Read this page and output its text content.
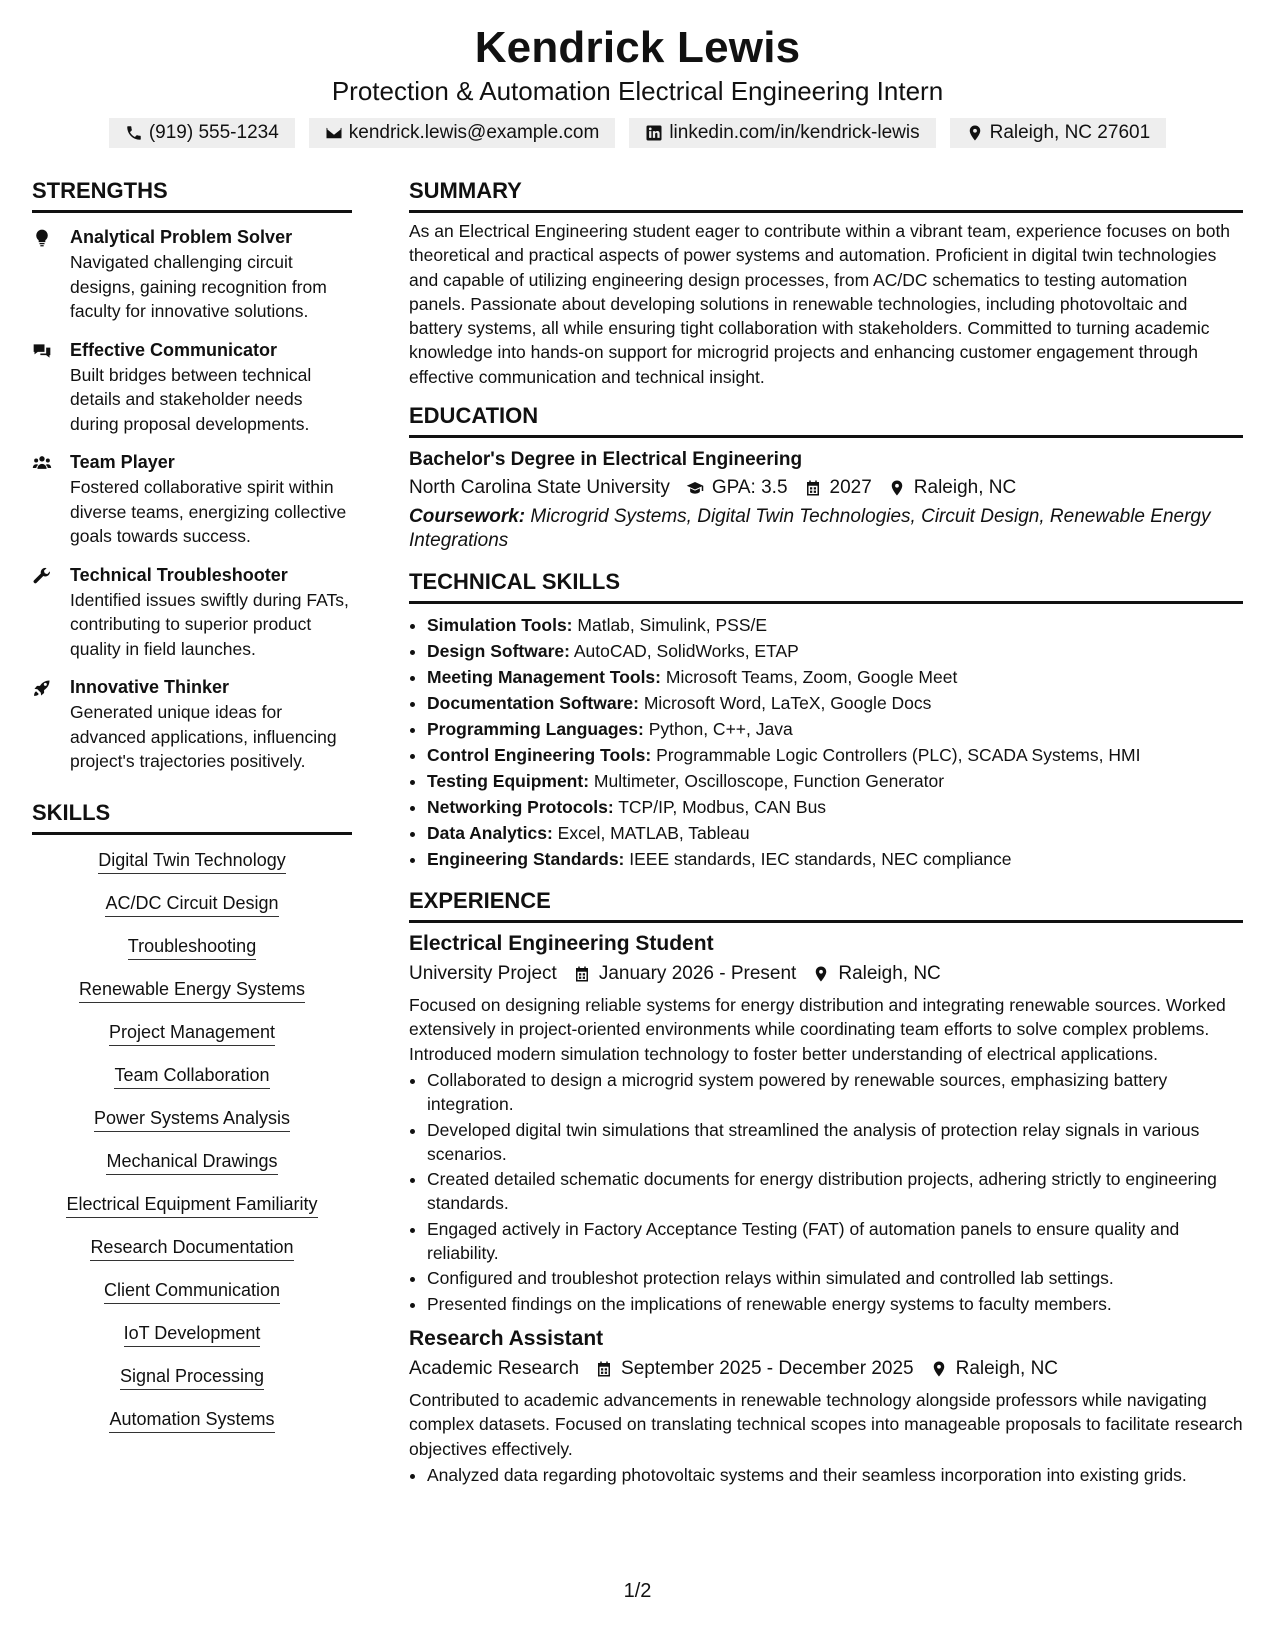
Kendrick Lewis

Protection & Automation Electrical Engineering Intern

(919) 555-1234	kendrick.lewis@example.com	linkedin.com/in/kendrick-lewis	Raleigh, NC 27601
STRENGTHS
Analytical Problem Solver
Navigated challenging circuit designs, gaining recognition from faculty for innovative solutions.
Effective Communicator
Built bridges between technical details and stakeholder needs during proposal developments.
Team Player
Fostered collaborative spirit within diverse teams, energizing collective goals towards success.
Technical Troubleshooter
Identified issues swiftly during FATs, contributing to superior product quality in field launches.
Innovative Thinker
Generated unique ideas for advanced applications, influencing project's trajectories positively.
SKILLS
Digital Twin Technology
AC/DC Circuit Design
Troubleshooting
Renewable Energy Systems
Project Management
Team Collaboration
Power Systems Analysis
Mechanical Drawings
Electrical Equipment Familiarity
Research Documentation
Client Communication
IoT Development
Signal Processing
Automation Systems
SUMMARY

As an Electrical Engineering student eager to contribute within a vibrant team, experience focuses on both theoretical and practical aspects of power systems and automation. Proficient in digital twin technologies and capable of utilizing engineering design processes, from AC/DC schematics to testing automation panels. Passionate about developing solutions in renewable technologies, including photovoltaic and battery systems, all while ensuring tight collaboration with stakeholders. Committed to turning academic knowledge into hands-on support for microgrid projects and enhancing customer engagement through effective communication and technical insight.

EDUCATION
Bachelor's Degree in Electrical Engineering
North Carolina State University GPA: 3.5 2027 Raleigh, NC
Coursework: Microgrid Systems, Digital Twin Technologies, Circuit Design, Renewable Energy Integrations
TECHNICAL SKILLS
• Simulation Tools: Matlab, Simulink, PSS/E
• Design Software: AutoCAD, SolidWorks, ETAP
• Meeting Management Tools: Microsoft Teams, Zoom, Google Meet
• Documentation Software: Microsoft Word, LaTeX, Google Docs
• Programming Languages: Python, C++, Java
• Control Engineering Tools: Programmable Logic Controllers (PLC), SCADA Systems, HMI
• Testing Equipment: Multimeter, Oscilloscope, Function Generator
• Networking Protocols: TCP/IP, Modbus, CAN Bus
• Data Analytics: Excel, MATLAB, Tableau
• Engineering Standards: IEEE standards, IEC standards, NEC compliance
EXPERIENCE
Electrical Engineering Student
University Project January 2026 - Present Raleigh, NC

Focused on designing reliable systems for energy distribution and integrating renewable sources. Worked extensively in project-oriented environments while coordinating team efforts to solve complex problems. Introduced modern simulation technology to foster better understanding of electrical applications.

• Collaborated to design a microgrid system powered by renewable sources, emphasizing battery integration.
• Developed digital twin simulations that streamlined the analysis of protection relay signals in various scenarios.
• Created detailed schematic documents for energy distribution projects, adhering strictly to engineering standards.
• Engaged actively in Factory Acceptance Testing (FAT) of automation panels to ensure quality and reliability.
• Configured and troubleshot protection relays within simulated and controlled lab settings.
• Presented findings on the implications of renewable energy systems to faculty members.
Research Assistant
Academic Research September 2025 - December 2025 Raleigh, NC

Contributed to academic advancements in renewable technology alongside professors while navigating complex datasets. Focused on translating technical scopes into manageable proposals to facilitate research objectives effectively.

• Analyzed data regarding photovoltaic systems and their seamless incorporation into existing grids.
1/2
